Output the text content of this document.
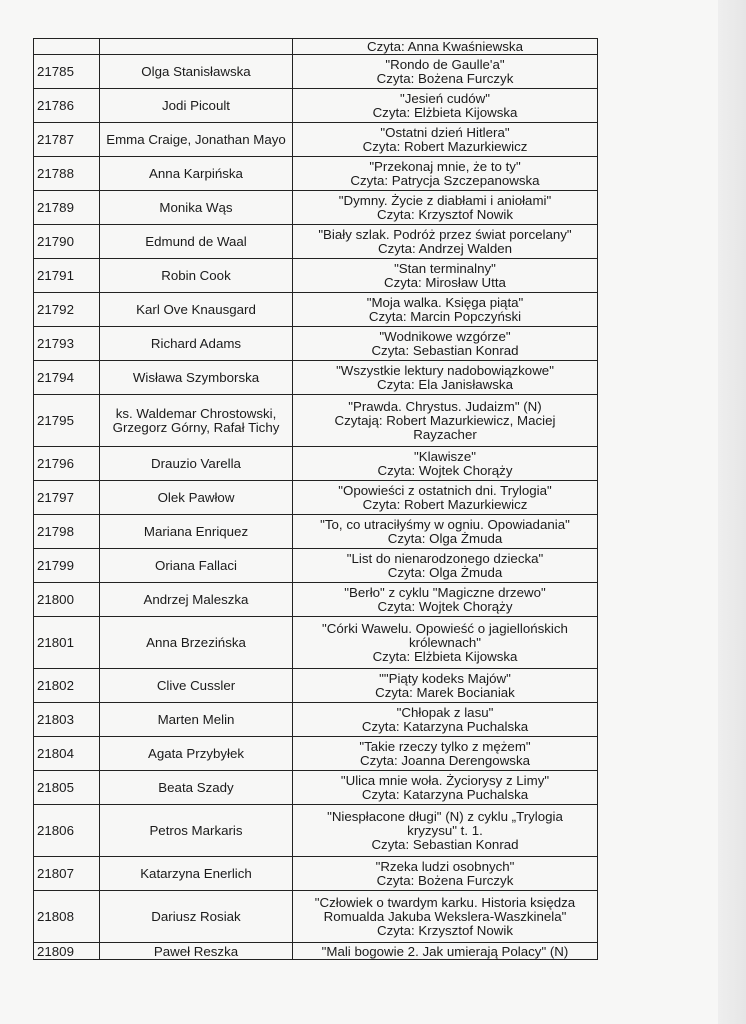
		Czyta: Anna Kwaśniewska

21785	Olga Stanisławska	"Rondo de Gaulle'a"
Czyta: Bożena Furczyk

21786	Jodi Picoult	"Jesień cudów"
Czyta: Elżbieta Kijowska

21787	Emma Craige, Jonathan Mayo	"Ostatni dzień Hitlera"
Czyta: Robert Mazurkiewicz

21788	Anna Karpińska	"Przekonaj mnie, że to ty"
Czyta: Patrycja Szczepanowska

21789	Monika Wąs	"Dymny. Życie z diabłami i aniołami"
Czyta: Krzysztof Nowik

21790	Edmund de Waal	"Biały szlak. Podróż przez świat porcelany"
Czyta: Andrzej Walden

21791	Robin Cook	"Stan terminalny"
Czyta: Mirosław Utta

21792	Karl Ove Knausgard	"Moja walka. Księga piąta"
Czyta: Marcin Popczyński

21793	Richard Adams	"Wodnikowe wzgórze"
Czyta: Sebastian Konrad

21794	Wisława Szymborska	"Wszystkie lektury nadobowiązkowe"
Czyta: Ela Janisławska

21795	ks. Waldemar Chrostowski, Grzegorz Górny, Rafał Tichy	"Prawda. Chrystus. Judaizm" (N)
Czytają: Robert Mazurkiewicz, Maciej
Rayzacher

21796	Drauzio Varella	"Klawisze"
Czyta: Wojtek Chorąży

21797	Olek Pawłow	"Opowieści z ostatnich dni. Trylogia"
Czyta: Robert Mazurkiewicz

21798	Mariana Enriquez	"To, co utraciłyśmy w ogniu. Opowiadania"
Czyta: Olga Żmuda

21799	Oriana Fallaci	"List do nienarodzonego dziecka"
Czyta: Olga Żmuda

21800	Andrzej Maleszka	"Berło" z cyklu "Magiczne drzewo"
Czyta: Wojtek Chorąży

21801	Anna Brzezińska	"Córki Wawelu. Opowieść o jagiellońskich
królewnach"
Czyta: Elżbieta Kijowska

21802	Clive Cussler	""Piąty kodeks Majów"
Czyta: Marek Bocianiak

21803	Marten Melin	"Chłopak z lasu"
Czyta: Katarzyna Puchalska

21804	Agata Przybyłek	"Takie rzeczy tylko z mężem"
Czyta: Joanna Derengowska

21805	Beata Szady	"Ulica mnie woła. Życiorysy z Limy"
Czyta: Katarzyna Puchalska

21806	Petros Markaris	"Niespłacone długi" (N) z cyklu „Trylogia
kryzysu" t. 1.
Czyta: Sebastian Konrad

21807	Katarzyna Enerlich	"Rzeka ludzi osobnych"
Czyta: Bożena Furczyk

21808	Dariusz Rosiak	"Człowiek o twardym karku. Historia księdza
Romualda Jakuba Wekslera-Waszkinela"
Czyta: Krzysztof Nowik

21809	Paweł Reszka	"Mali bogowie 2. Jak umierają Polacy" (N)
